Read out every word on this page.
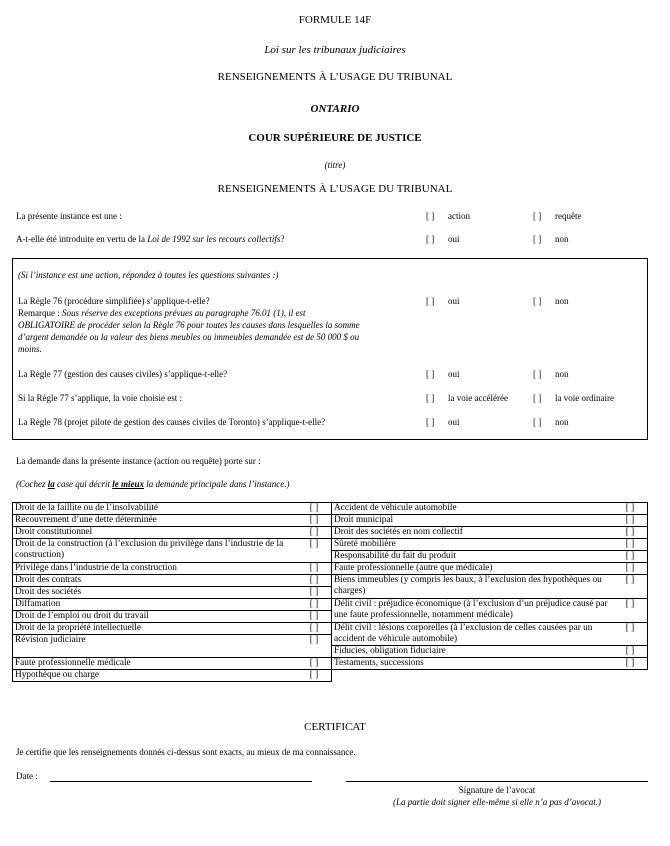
FORMULE 14F
Loi sur les tribunaux judiciaires
RENSEIGNEMENTS À L’USAGE DU TRIBUNAL
ONTARIO
COUR SUPÉRIEURE DE JUSTICE
(titre)
RENSEIGNEMENTS À L’USAGE DU TRIBUNAL
La présente instance est une :	[ ] action	[ ] requête
A-t-elle été introduite en vertu de la Loi de 1992 sur les recours collectifs?	[ ] oui	[ ] non
(Si l’instance est une action, répondez à toutes les questions suivantes :)
La Règle 76 (procédure simplifiée) s’applique-t-elle?
Remarque : Sous réserve des exceptions prévues au paragraphe 76.01 (1), il est
OBLIGATOIRE de procéder selon la Règle 76 pour toutes les causes dans lesquelles la somme
d’argent demandée ou la valeur des biens meubles ou immeubles demandée est de 50 000 $ ou
moins.
[ ] oui	[ ] non
La Règle 77 (gestion des causes civiles) s’applique-t-elle?	[ ] oui	[ ] non
Si la Règle 77 s’applique, la voie choisie est :	[ ] la voie accélérée	[ ] la voie ordinaire
La Règle 78 (projet pilote de gestion des causes civiles de Toronto) s’applique-t-elle?	[ ] oui	[ ] non
La demande dans la présente instance (action ou requête) porte sur :
(Cochez la case qui décrit le mieux la demande principale dans l’instance.)
Droit de la faillite ou de l’insolvabilité	[ ]	Accident de véhicule automobile	[ ]
Recouvrement d’une dette déterminée	[ ]	Droit municipal	[ ]
Droit constitutionnel	[ ]	Droit des sociétés en nom collectif	[ ]
Droit de la construction (à l’exclusion du privilège dans l’industrie de la construction)	[ ]	Sûreté mobilière	[ ]
		Responsabilité du fait du produit	[ ]
Privilège dans l’industrie de la construction	[ ]	Faute professionnelle (autre que médicale)	[ ]
Droit des contrats	[ ]	Biens immeubles (y compris les baux, à l’exclusion des hypothèques ou charges)	[ ]
Droit des sociétés	[ ]		
Diffamation	[ ]	Délit civil : préjudice économique (à l’exclusion d’un préjudice causé par une faute professionnelle, notamment médicale)	[ ]
Droit de l’emploi ou droit du travail	[ ]		
Droit de la propriété intellectuelle	[ ]	Délit civil : lésions corporelles (à l’exclusion de celles causées par un accident de véhicule automobile)	[ ]
Révision judiciaire	[ ]		
		Fiducies, obligation fiduciaire	[ ]
Faute professionnelle médicale	[ ]	Testaments, successions	[ ]
Hypothèque ou charge	[ ]		
CERTIFICAT
Je certifie que les renseignements donnés ci-dessus sont exacts, au mieux de ma connaissance.
Date :
Signature de l’avocat
(La partie doit signer elle-même si elle n’a pas d’avocat.)
